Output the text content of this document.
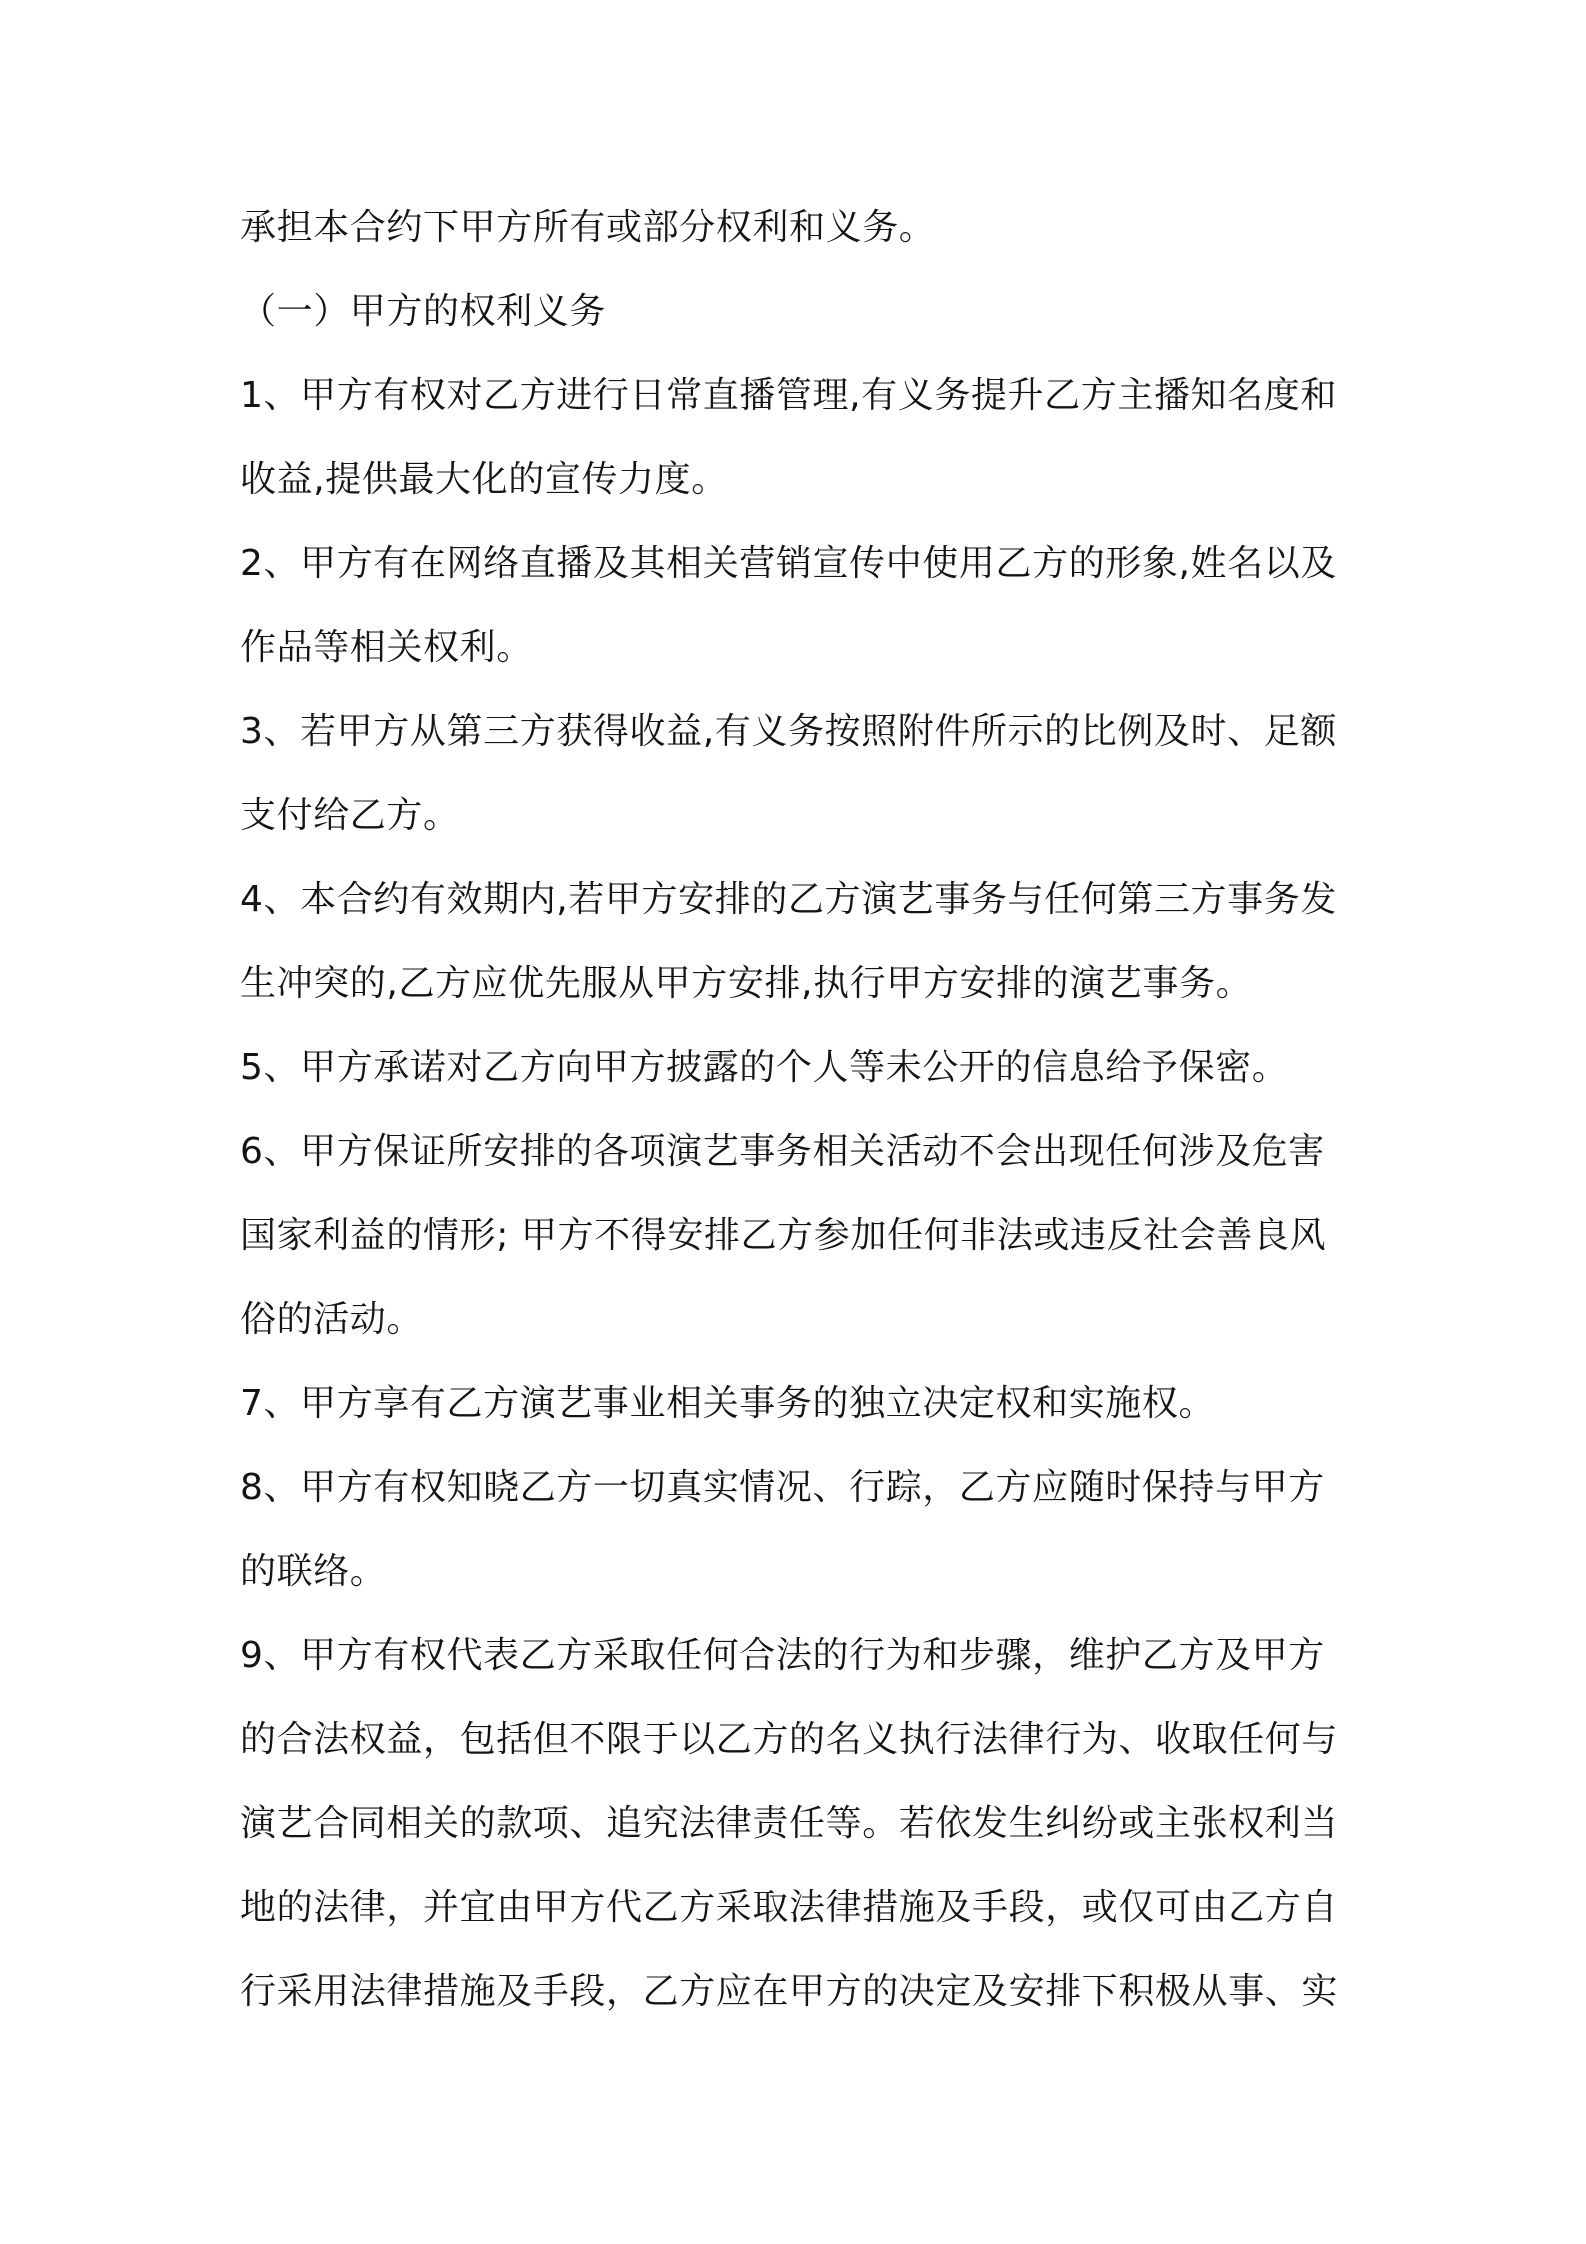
承担本合约下甲方所有或部分权利和义务。
（一）甲方的权利义务
1、甲方有权对乙方进行日常直播管理,有义务提升乙方主播知名度和
收益,提供最大化的宣传力度。
2、甲方有在网络直播及其相关营销宣传中使用乙方的形象,姓名以及
作品等相关权利。
3、若甲方从第三方获得收益,有义务按照附件所示的比例及时、足额
支付给乙方。
4、本合约有效期内,若甲方安排的乙方演艺事务与任何第三方事务发
生冲突的,乙方应优先服从甲方安排,执行甲方安排的演艺事务。
5、甲方承诺对乙方向甲方披露的个人等未公开的信息给予保密。
6、甲方保证所安排的各项演艺事务相关活动不会出现任何涉及危害
国家利益的情形; 甲方不得安排乙方参加任何非法或违反社会善良风
俗的活动。
7、甲方享有乙方演艺事业相关事务的独立决定权和实施权。
8、甲方有权知晓乙方一切真实情况、行踪，乙方应随时保持与甲方
的联络。
9、甲方有权代表乙方采取任何合法的行为和步骤，维护乙方及甲方
的合法权益，包括但不限于以乙方的名义执行法律行为、收取任何与
演艺合同相关的款项、追究法律责任等。若依发生纠纷或主张权利当
地的法律，并宜由甲方代乙方采取法律措施及手段，或仅可由乙方自
行采用法律措施及手段，乙方应在甲方的决定及安排下积极从事、实
